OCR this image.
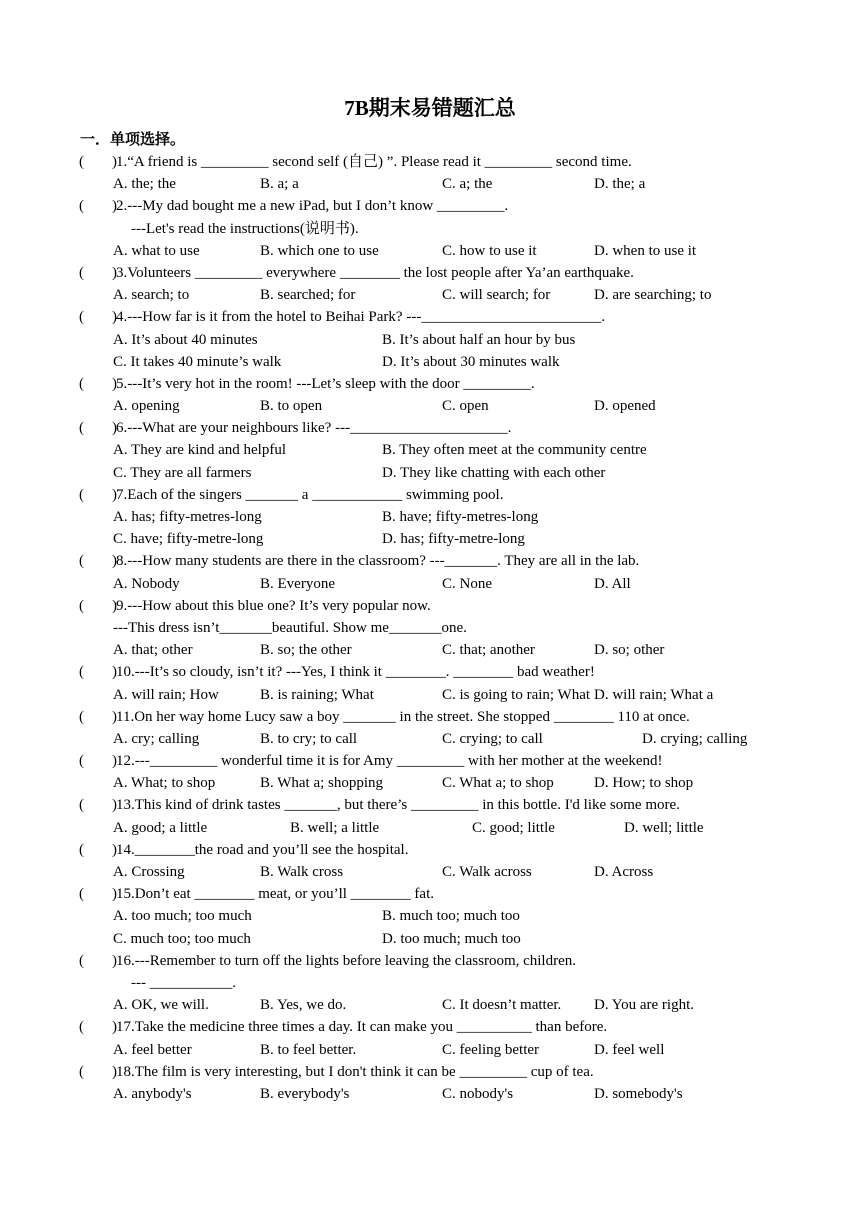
7B期末易错题汇总
一．单项选择。
( ) 1.“A friend is _________ second self (自己) ”. Please read it _________ second time.
A. the; the	B. a; a	C. a; the	D. the; a
( ) 2.---My dad bought me a new iPad, but I don’t know _________.
---Let's read the instructions(说明书).
A. what to use	B. which one to use	C. how to use it	D. when to use it
( ) 3.Volunteers _________ everywhere ________ the lost people after Ya’an earthquake.
A. search; to	B. searched; for	C. will search; for	D. are searching; to
( ) 4.---How far is it from the hotel to Beihai Park? ---________________________.
A. It’s about 40 minutes	B. It’s about half an hour by bus
C. It takes 40 minute’s walk	D. It’s about 30 minutes walk
( ) 5.---It’s very hot in the room! ---Let’s sleep with the door _________.
A. opening	B. to open	C. open	D. opened
( ) 6.---What are your neighbours like? ---_____________________.
A. They are kind and helpful	B. They often meet at the community centre
C. They are all farmers	D. They like chatting with each other
( ) 7.Each of the singers _______ a ____________ swimming pool.
A. has; fifty-metres-long	B. have; fifty-metres-long
C. have; fifty-metre-long	D. has; fifty-metre-long
( ) 8.---How many students are there in the classroom? ---_______. They are all in the lab.
A. Nobody	B. Everyone	C. None	D. All
( ) 9.---How about this blue one? It’s very popular now.
---This dress isn’t_______beautiful. Show me_______one.
A. that; other	B. so; the other	C. that; another	D. so; other
( ) 10.---It’s so cloudy, isn’t it? ---Yes, I think it ________. ________ bad weather!
A. will rain; How	B. is raining; What	C. is going to rain; What D. will rain; What a
( ) 11.On her way home Lucy saw a boy _______ in the street. She stopped ________ 110 at once.
A. cry; calling	B. to cry; to call	C. crying; to call	D. crying; calling
( ) 12.---_________ wonderful time it is for Amy _________ with her mother at the weekend!
A. What; to shop	B. What a; shopping	C. What a; to shop	D. How; to shop
( ) 13.This kind of drink tastes _______, but there’s _________ in this bottle. I'd like some more.
A. good; a little	B. well; a little	C. good; little	D. well; little
( ) 14.________the road and you’ll see the hospital.
A. Crossing	B. Walk cross	C. Walk across	D. Across
( ) 15.Don’t eat ________ meat, or you’ll ________ fat.
A. too much; too much	B. much too; much too
C. much too; too much	D. too much; much too
( ) 16.---Remember to turn off the lights before leaving the classroom, children.
--- ___________.
A. OK, we will.	B. Yes, we do.	C. It doesn’t matter. D. You are right.
( ) 17.Take the medicine three times a day. It can make you __________ than before.
A. feel better	B. to feel better.	C. feeling better	D. feel well
( ) 18.The film is very interesting, but I don't think it can be _________ cup of tea.
A. anybody's	B. everybody's	C. nobody's	D. somebody's
